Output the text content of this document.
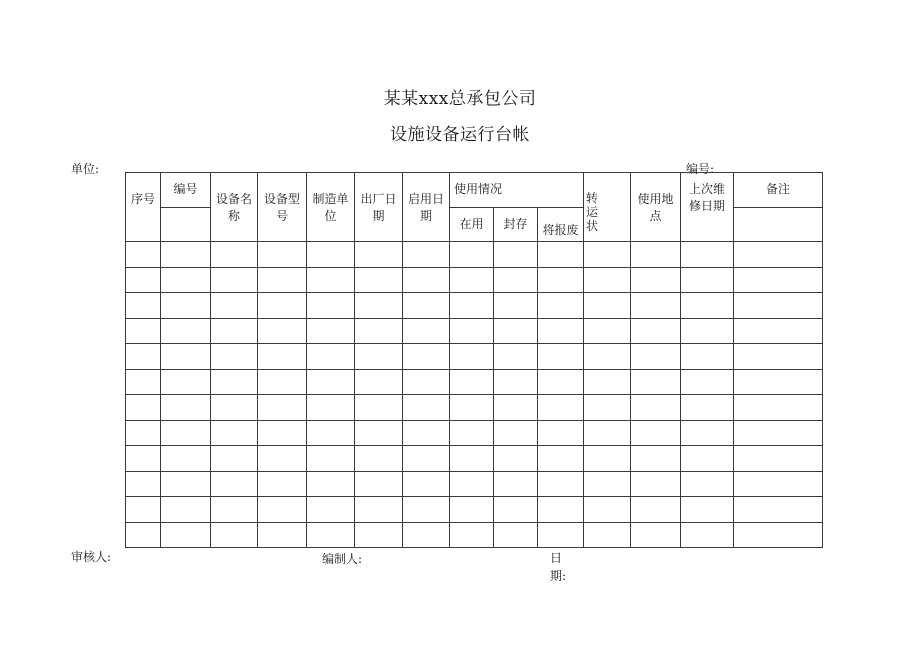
某某xxx总承包公司
设施设备运行台帐
单位:	编号:
序号	编号	设备名称	设备型号	制造单位	出厂日期	启用日期	使用情况			转运状	使用地点	上次维修日期	备注
							在用	封存	将报废				

审核人:	编制人:	日
期:
